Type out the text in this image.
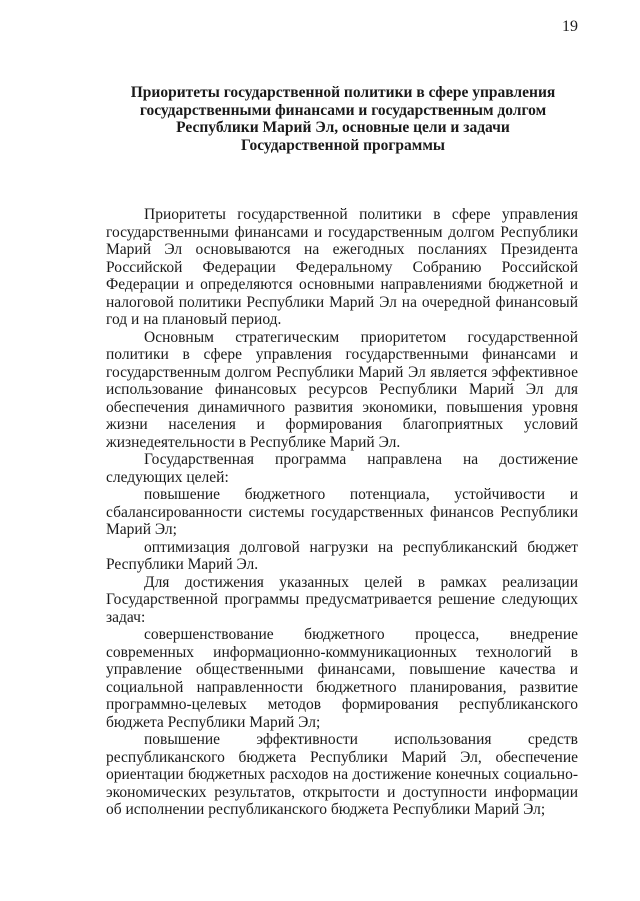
19
Приоритеты государственной политики в сфере управления
государственными финансами и государственным долгом
Республики Марий Эл, основные цели и задачи
Государственной программы

Приоритеты государственной политики в сфере управления государственными финансами и государственным долгом Республики Марий Эл основываются на ежегодных посланиях Президента Российской Федерации Федеральному Собранию Российской Федерации и определяются основными направлениями бюджетной и налоговой политики Республики Марий Эл на очередной финансовый год и на плановый период.

Основным стратегическим приоритетом государственной политики в сфере управления государственными финансами и государственным долгом Республики Марий Эл является эффективное использование финансовых ресурсов Республики Марий Эл для обеспечения динамичного развития экономики, повышения уровня жизни населения и формирования благоприятных условий жизнедеятельности в Республике Марий Эл.

Государственная программа направлена на достижение следующих целей:

повышение бюджетного потенциала, устойчивости и сбалансированности системы государственных финансов Республики Марий Эл;

оптимизация долговой нагрузки на республиканский бюджет Республики Марий Эл.

Для достижения указанных целей в рамках реализации Государственной программы предусматривается решение следующих задач:

совершенствование бюджетного процесса, внедрение современных информационно-коммуникационных технологий в управление общественными финансами, повышение качества и социальной направленности бюджетного планирования, развитие программно-целевых методов формирования республиканского бюджета Республики Марий Эл;

повышение эффективности использования средств республиканского бюджета Республики Марий Эл, обеспечение ориентации бюджетных расходов на достижение конечных социально-экономических результатов, открытости и доступности информации об исполнении республиканского бюджета Республики Марий Эл;
